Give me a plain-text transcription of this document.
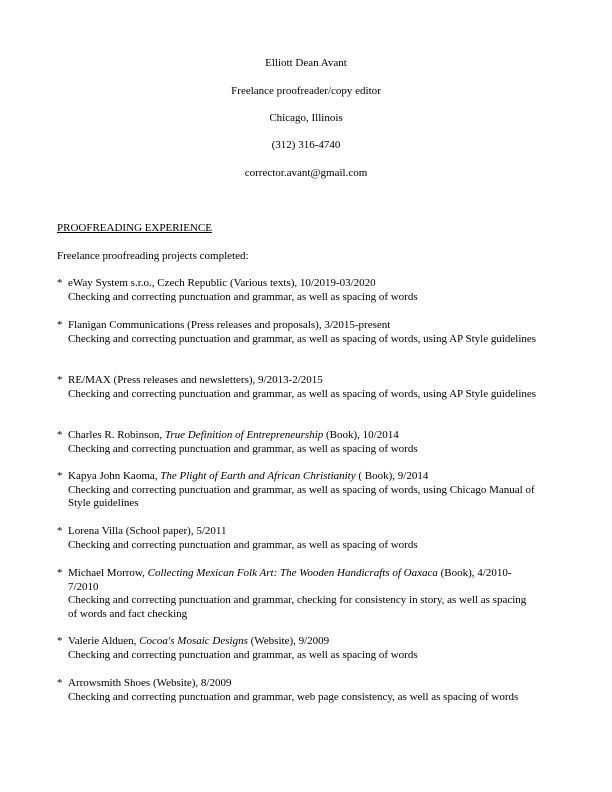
Elliott Dean Avant
Freelance proofreader/copy editor
Chicago, Illinois
(312) 316-4740
corrector.avant@gmail.com
PROOFREADING EXPERIENCE
Freelance proofreading projects completed:
* eWay System s.r.o., Czech Republic (Various texts), 10/2019-03/2020
Checking and correcting punctuation and grammar, as well as spacing of words
* Flanigan Communications (Press releases and proposals), 3/2015-present
Checking and correcting punctuation and grammar, as well as spacing of words, using AP Style guidelines
* RE/MAX (Press releases and newsletters), 9/2013-2/2015
Checking and correcting punctuation and grammar, as well as spacing of words, using AP Style guidelines
* Charles R. Robinson, True Definition of Entrepreneurship (Book), 10/2014
Checking and correcting punctuation and grammar, as well as spacing of words
* Kapya John Kaoma, The Plight of Earth and African Christianity ( Book), 9/2014
Checking and correcting punctuation and grammar, as well as spacing of words, using Chicago Manual of Style guidelines
* Lorena Villa (School paper), 5/2011
Checking and correcting punctuation and grammar, as well as spacing of words
* Michael Morrow, Collecting Mexican Folk Art: The Wooden Handicrafts of Oaxaca (Book), 4/2010-7/2010
Checking and correcting punctuation and grammar, checking for consistency in story, as well as spacing of words and fact checking
* Valerie Alduen, Cocoa's Mosaic Designs (Website), 9/2009
Checking and correcting punctuation and grammar, as well as spacing of words
* Arrowsmith Shoes (Website), 8/2009
Checking and correcting punctuation and grammar, web page consistency, as well as spacing of words
